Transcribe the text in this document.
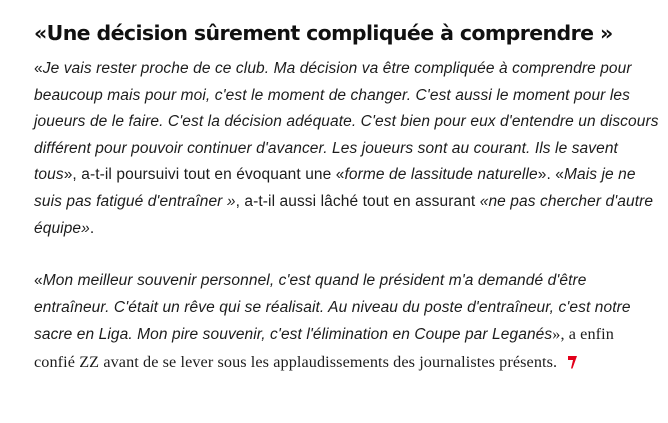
«Une décision sûrement compliquée à comprendre »

«Je vais rester proche de ce club. Ma décision va être compliquée à comprendre pour beaucoup mais pour moi, c'est le moment de changer. C'est aussi le moment pour les joueurs de le faire. C'est la décision adéquate. C'est bien pour eux d'entendre un discours différent pour pouvoir continuer d'avancer. Les joueurs sont au courant. Ils le savent tous», a-t-il poursuivi tout en évoquant une «forme de lassitude naturelle». «Mais je ne suis pas fatigué d'entraîner », a-t-il aussi lâché tout en assurant «ne pas chercher d'autre équipe».

«Mon meilleur souvenir personnel, c'est quand le président m'a demandé d'être entraîneur. C'était un rêve qui se réalisait. Au niveau du poste d'entraîneur, c'est notre sacre en Liga. Mon pire souvenir, c'est l'élimination en Coupe par Leganés», a enfin confié ZZ avant de se lever sous les applaudissements des journalistes présents.
